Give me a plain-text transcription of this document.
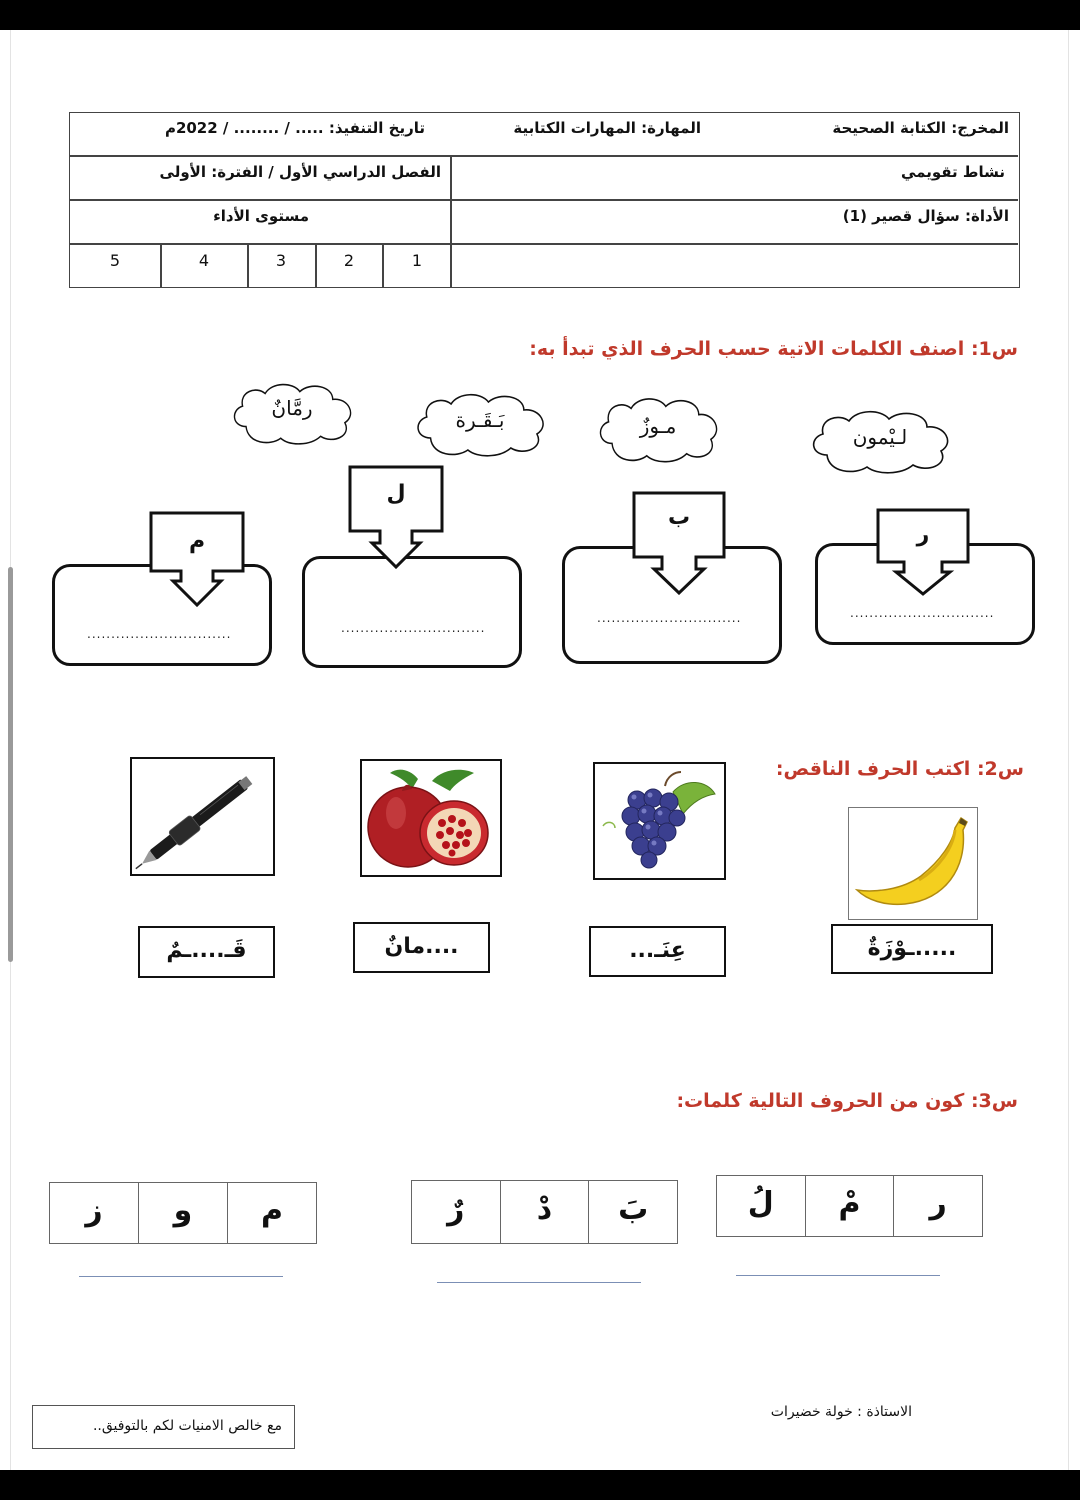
المخرج: الكتابة الصحيحة
المهارة: المهارات الكتابية
تاريخ التنفيذ: ..... / ........ / 2022م
نشاط تقويمي
الفصل الدراسي الأول / الفترة: الأولى
الأداة: سؤال قصير (1)
مستوى الأداء
1
2
3
4
5
س1: اصنف الكلمات الاتية حسب الحرف الذي تبدأ به:
لـيْمون
مـوزٌ
بَـقَـرة
رمَّانٌ
..............................
ر
..............................
ب
..............................
ل
..............................
م
س2: اكتب الحرف الناقص:
.....ـوْزَةٌ
عِنَـ...
....مانٌ
قَـ....ـمٌ
س3: كون من الحروف التالية كلمات:
ر
مْ
لُ
بَ
دْ
رٌ
م
و
ز
مع خالص الامنيات لكم بالتوفيق..
الاستاذة : خولة خضيرات
